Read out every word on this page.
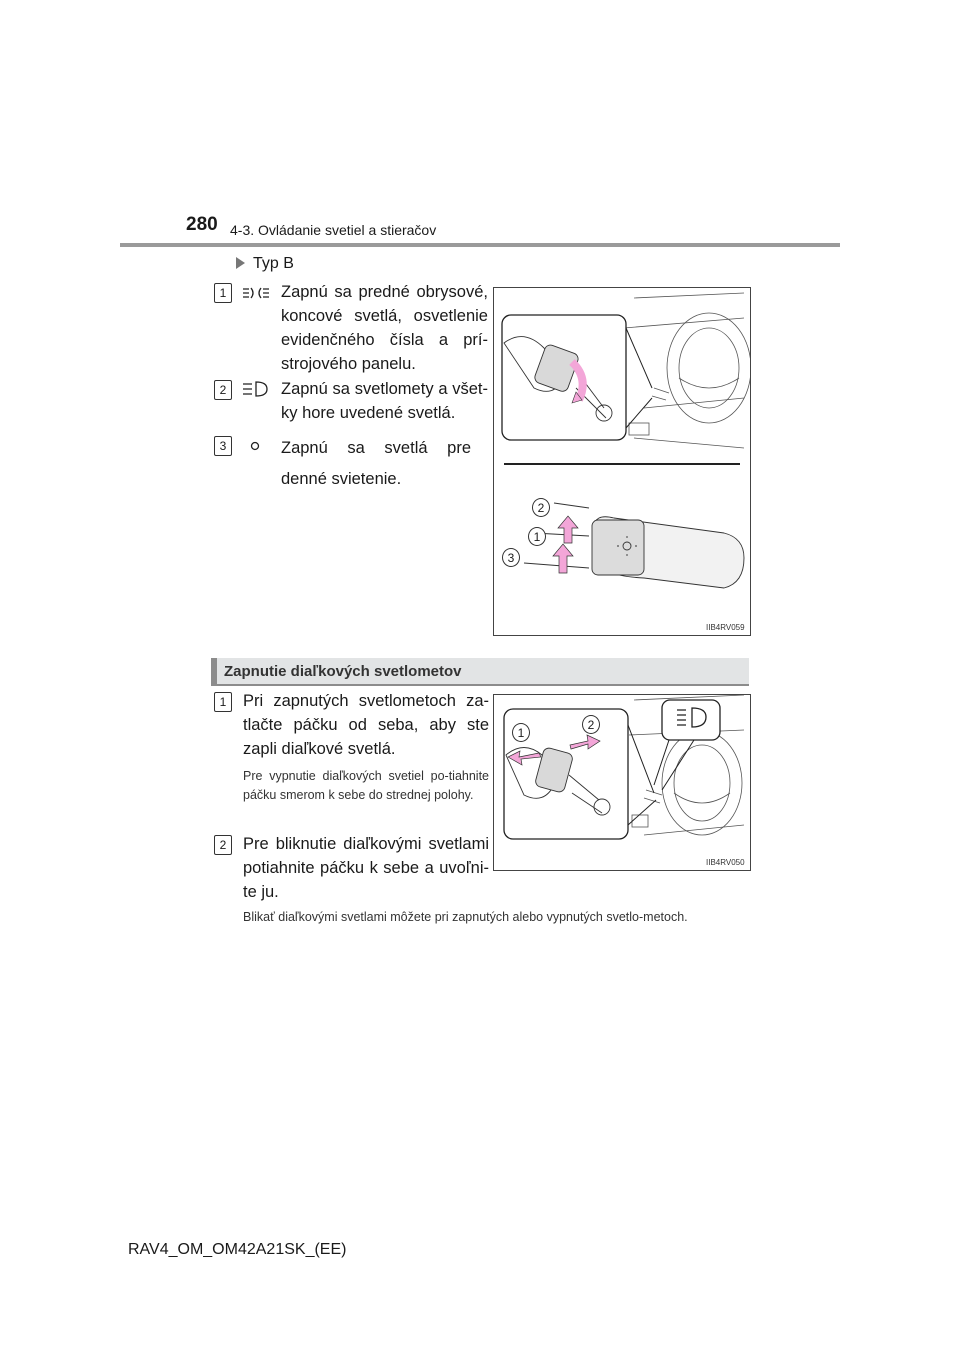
280 4-3. Ovládanie svetiel a stieračov
Typ B
1	Zapnú sa predné obrysové, koncové svetlá, osvetlenie evidenčného čísla a prí-strojového panelu.
2	Zapnú sa svetlomety a všet-ky hore uvedené svetlá.
3	Zapnú sa svetlá pre denné svietenie.
2
1
3
IIB4RV059
Zapnutie diaľkových svetlometov
1	Pri zapnutých svetlometoch za-tlačte páčku od seba, aby ste zapli diaľkové svetlá.
Pre vypnutie diaľkových svetiel po-tiahnite páčku smerom k sebe do strednej polohy.
2	Pre bliknutie diaľkovými svetlami potiahnite páčku k sebe a uvoľni-te ju.
Blikať diaľkovými svetlami môžete pri zapnutých alebo vypnutých svetlo-metoch.
1
2
IIB4RV050
RAV4_OM_OM42A21SK_(EE)
